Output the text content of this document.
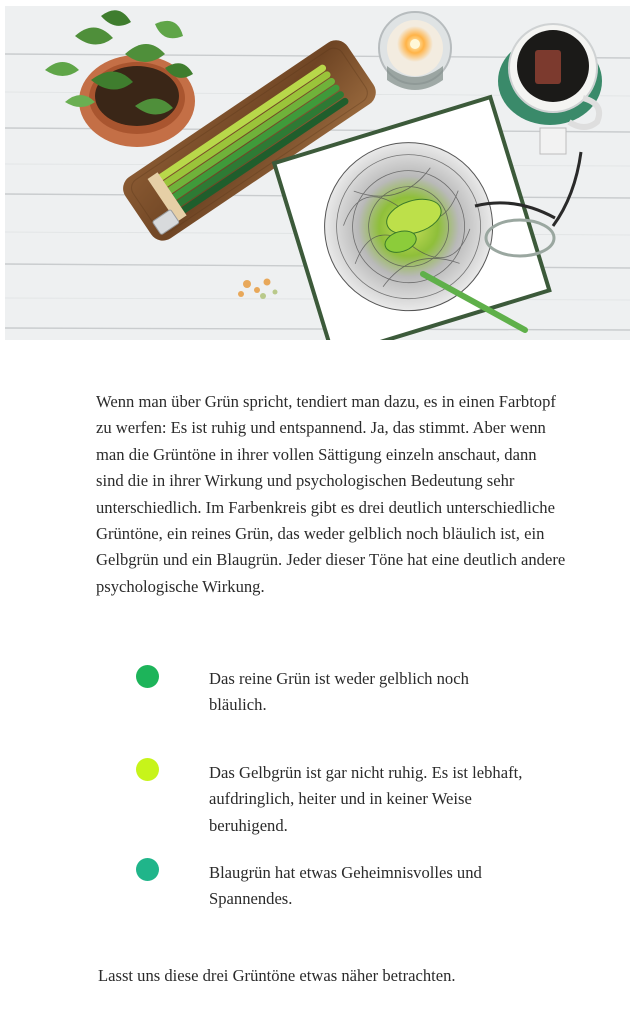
Wenn man über Grün spricht, tendiert man dazu, es in einen Farbtopf zu werfen: Es ist ruhig und entspannend. Ja, das stimmt. Aber wenn man die Grüntöne in ihrer vollen Sättigung einzeln anschaut, dann sind die in ihrer Wirkung und psychologischen Bedeutung sehr unterschiedlich. Im Farbenkreis gibt es drei deutlich unterschiedliche Grüntöne, ein reines Grün, das weder gelblich noch bläulich ist, ein Gelbgrün und ein Blaugrün. Jeder dieser Töne hat eine deutlich andere psychologische Wirkung.

Das reine Grün ist weder gelblich noch bläulich.

Das Gelbgrün ist gar nicht ruhig. Es ist lebhaft, aufdringlich, heiter und in keiner Weise beruhigend.

Blaugrün hat etwas Geheimnisvolles und Spannendes.

Lasst uns diese drei Grüntöne etwas näher betrachten.
